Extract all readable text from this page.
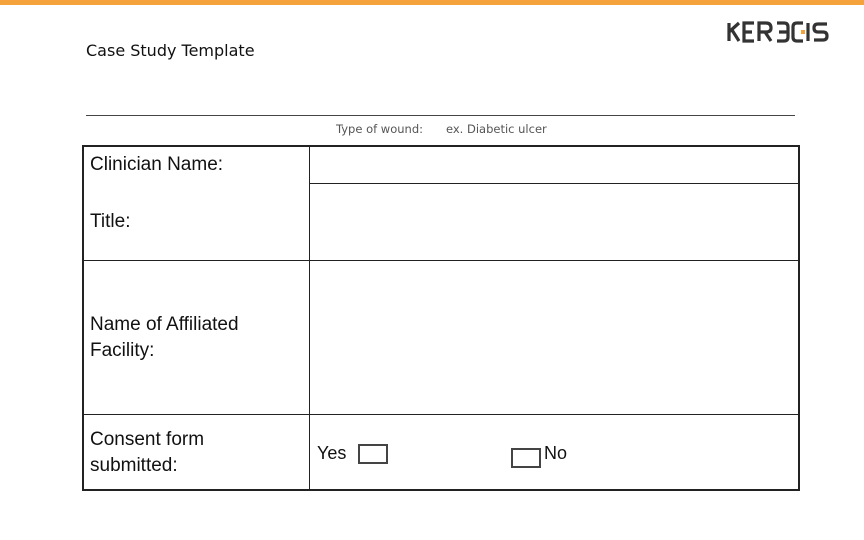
Case Study Template
Type of wound: ex. Diabetic ulcer
Clinician Name:
Title:
Name of Affiliated
Facility:
Consent form
submitted:
Yes	No
